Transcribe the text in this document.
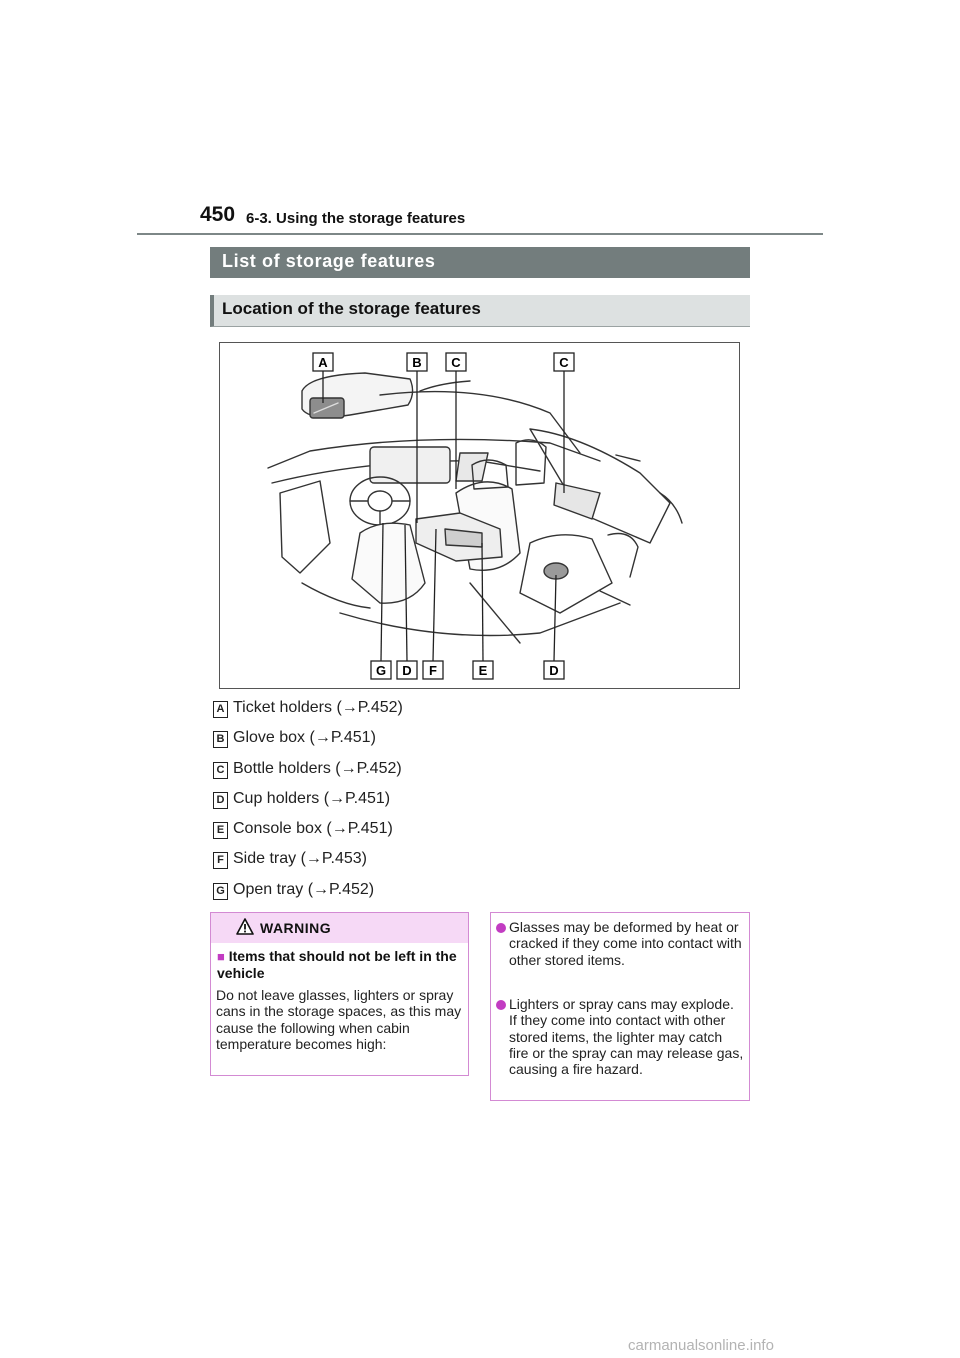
450 6-3. Using the storage features
List of storage features
Location of the storage features
A	B C	C
G D F	E	D
A Ticket holders (→P.452)
B Glove box (→P.451)
C Bottle holders (→P.452)
D Cup holders (→P.451)
E Console box (→P.451)
F Side tray (→P.453)
G Open tray (→P.452)
WARNING
■ Items that should not be left in the vehicle
Do not leave glasses, lighters or spray cans in the storage spaces, as this may cause the following when cabin temperature becomes high:
Glasses may be deformed by heat or cracked if they come into contact with other stored items.
Lighters or spray cans may explode. If they come into contact with other stored items, the lighter may catch fire or the spray can may release gas, causing a fire hazard.
carmanualsonline.info
